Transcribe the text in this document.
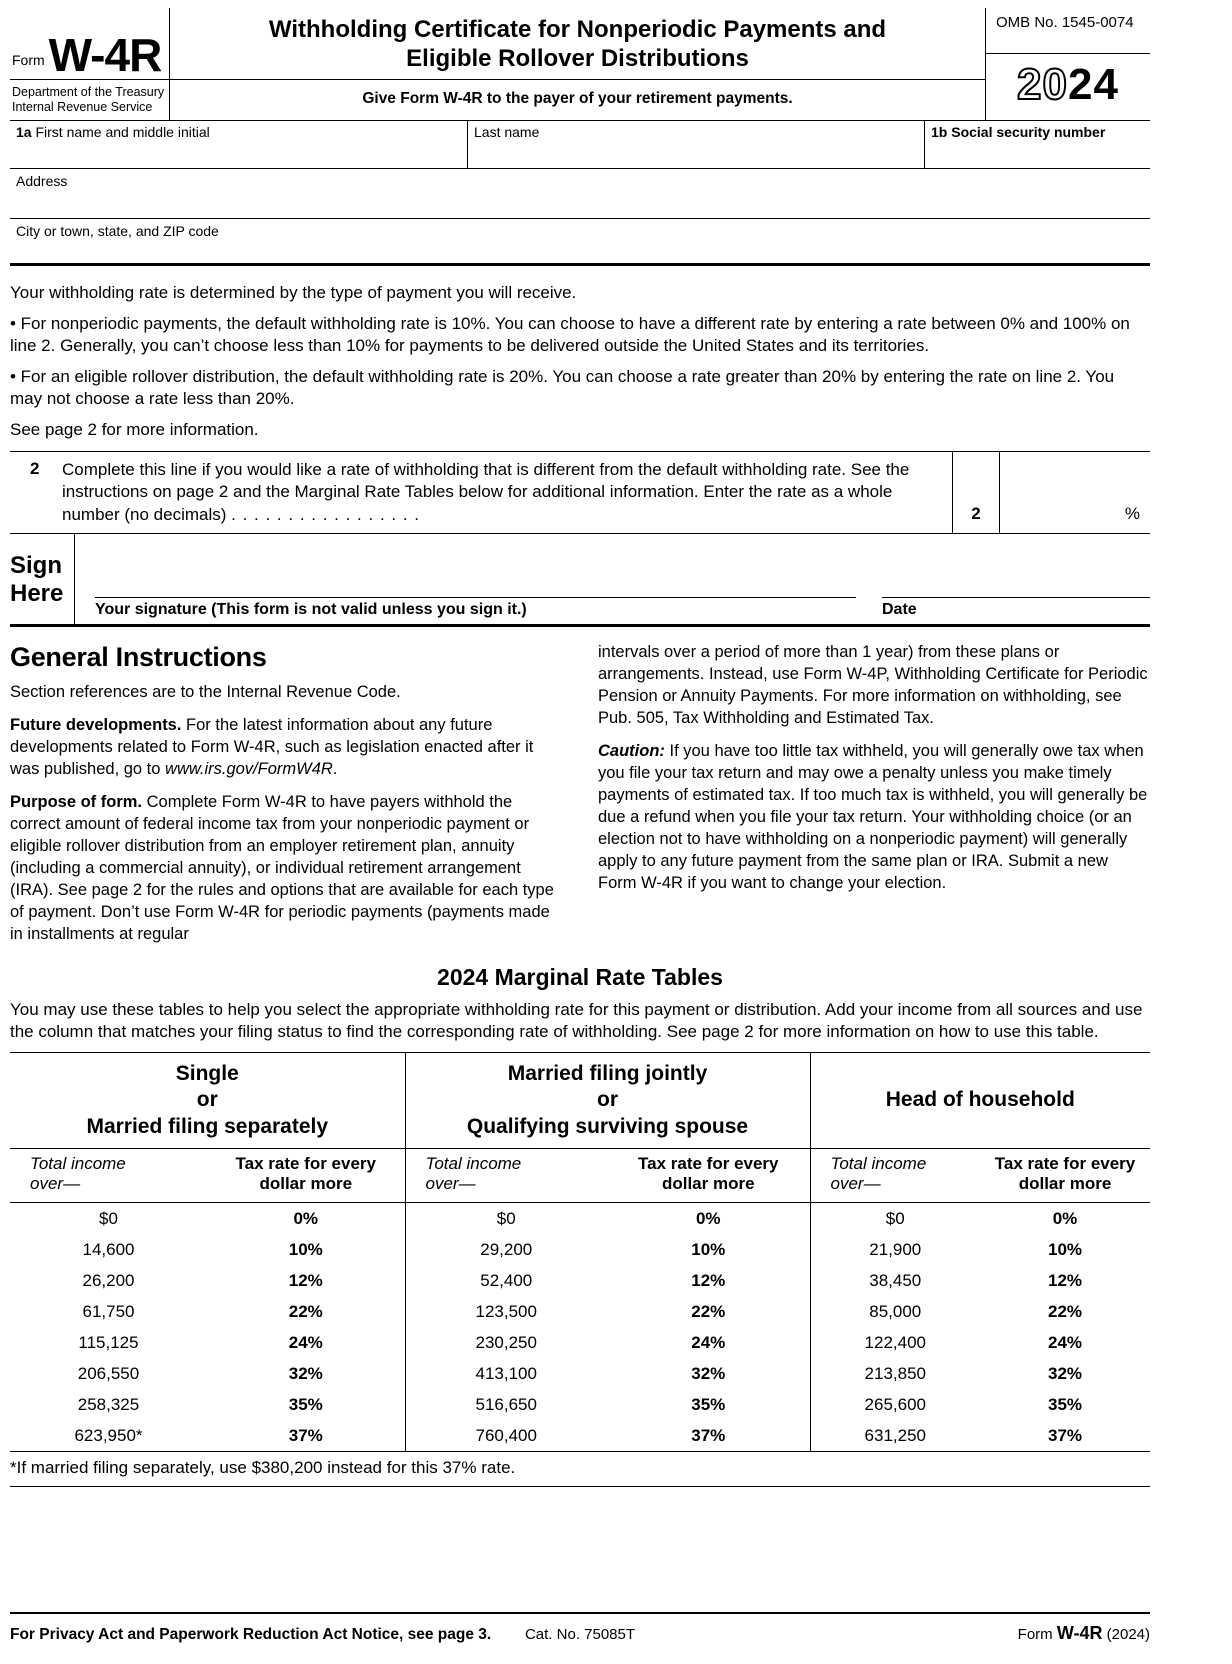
Form W-4R
Department of the Treasury
Internal Revenue Service
Withholding Certificate for Nonperiodic Payments and
Eligible Rollover Distributions
Give Form W-4R to the payer of your retirement payments.
OMB No. 1545-0074
2024
1a First name and middle initial	Last name	1b Social security number
Address
City or town, state, and ZIP code

Your withholding rate is determined by the type of payment you will receive.

• For nonperiodic payments, the default withholding rate is 10%. You can choose to have a different rate by entering a rate between 0% and 100% on line 2. Generally, you can’t choose less than 10% for payments to be delivered outside the United States and its territories.

• For an eligible rollover distribution, the default withholding rate is 20%. You can choose a rate greater than 20% by entering the rate on line 2. You may not choose a rate less than 20%.

See page 2 for more information.

2	Complete this line if you would like a rate of withholding that is different from the default withholding rate. See the instructions on page 2 and the Marginal Rate Tables below for additional information. Enter the rate as a whole number (no decimals) . . . . . . . . . . . . . . . . .	2	%
Sign
Here
Your signature (This form is not valid unless you sign it.)	Date
General Instructions

Section references are to the Internal Revenue Code.

Future developments. For the latest information about any future developments related to Form W-4R, such as legislation enacted after it was published, go to www.irs.gov/FormW4R.

Purpose of form. Complete Form W-4R to have payers withhold the correct amount of federal income tax from your nonperiodic payment or eligible rollover distribution from an employer retirement plan, annuity (including a commercial annuity), or individual retirement arrangement (IRA). See page 2 for the rules and options that are available for each type of payment. Don’t use Form W-4R for periodic payments (payments made in installments at regular

intervals over a period of more than 1 year) from these plans or arrangements. Instead, use Form W-4P, Withholding Certificate for Periodic Pension or Annuity Payments. For more information on withholding, see Pub. 505, Tax Withholding and Estimated Tax.

Caution: If you have too little tax withheld, you will generally owe tax when you file your tax return and may owe a penalty unless you make timely payments of estimated tax. If too much tax is withheld, you will generally be due a refund when you file your tax return. Your withholding choice (or an election not to have withholding on a nonperiodic payment) will generally apply to any future payment from the same plan or IRA. Submit a new Form W-4R if you want to change your election.

2024 Marginal Rate Tables

You may use these tables to help you select the appropriate withholding rate for this payment or distribution. Add your income from all sources and use the column that matches your filing status to find the corresponding rate of withholding. See page 2 for more information on how to use this table.

Single
or
Married filing separately

Married filing jointly
or
Qualifying surviving spouse

Head of household

Total income
over—

Tax rate for every
dollar more

Total income
over—

Tax rate for every
dollar more

Total income
over—

Tax rate for every
dollar more

$0	0%	$0	0%	$0	0%
14,600	10%	29,200	10%	21,900	10%
26,200	12%	52,400	12%	38,450	12%
61,750	22%	123,500	22%	85,000	22%
115,125	24%	230,250	24%	122,400	24%
206,550	32%	413,100	32%	213,850	32%
258,325	35%	516,650	35%	265,600	35%
623,950*	37%	760,400	37%	631,250	37%
*If married filing separately, use $380,200 instead for this 37% rate.
For Privacy Act and Paperwork Reduction Act Notice, see page 3.	Cat. No. 75085T	Form W-4R (2024)
